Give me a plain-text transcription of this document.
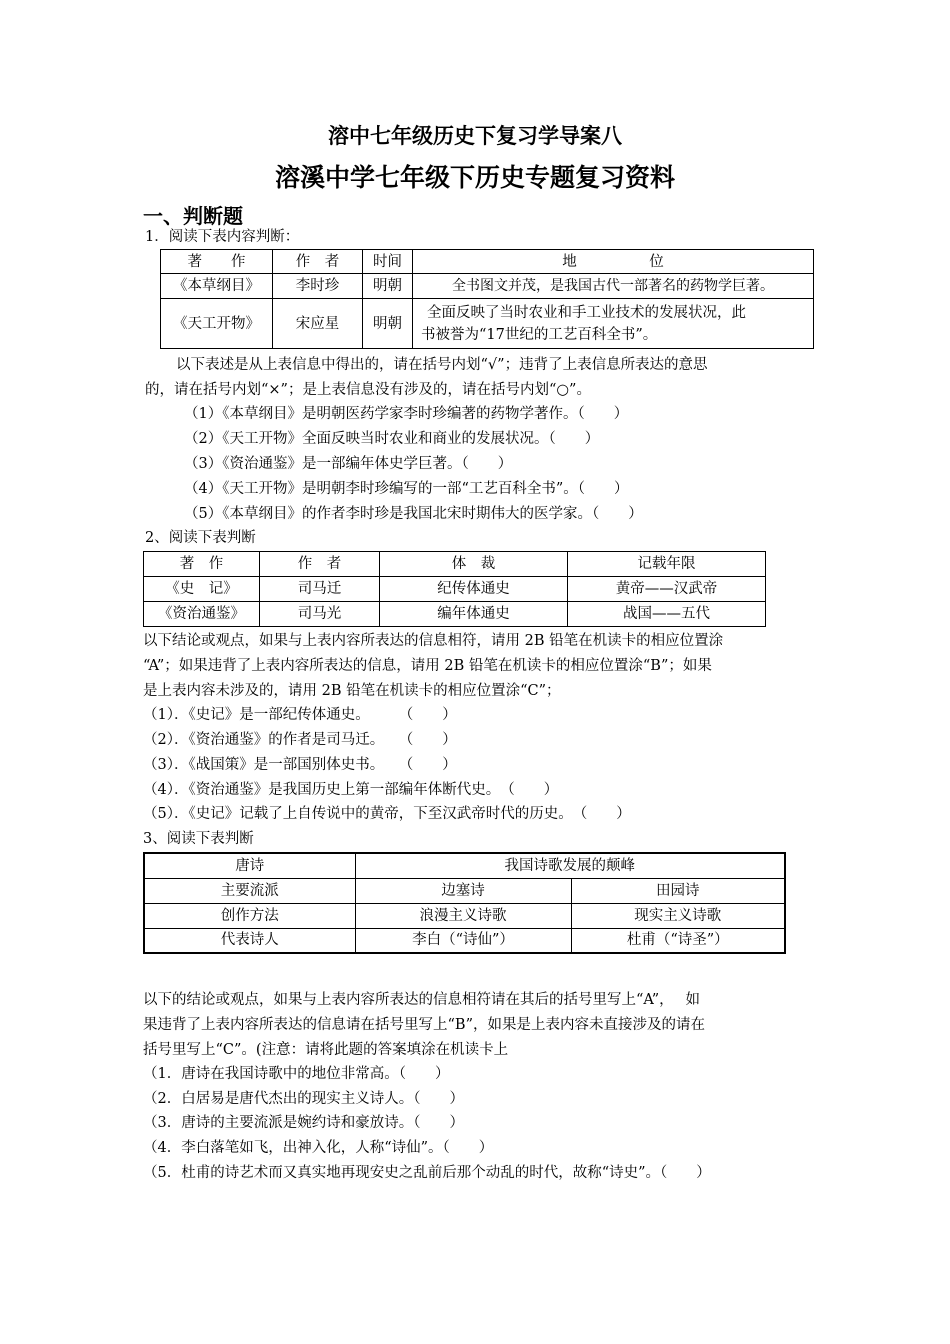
溶中七年级历史下复习学导案八
溶溪中学七年级下历史专题复习资料
一、判断题
1．阅读下表内容判断：
著　　作	作　者	时间	地　　　　　位
《本草纲目》	李时珍	明朝	全书图文并茂，是我国古代一部著名的药物学巨著。
《天工开物》	宋应星	明朝	全面反映了当时农业和手工业技术的发展状况，此
书被誉为“17世纪的工艺百科全书”。
以下表述是从上表信息中得出的，请在括号内划“√”；违背了上表信息所表达的意思
的，请在括号内划“×”；是上表信息没有涉及的，请在括号内划“○”。
（1）《本草纲目》是明朝医药学家李时珍编著的药物学著作。（　　）
（2）《天工开物》全面反映当时农业和商业的发展状况。（　　）
（3）《资治通鉴》是一部编年体史学巨著。（　　）
（4）《天工开物》是明朝李时珍编写的一部“工艺百科全书”。（　　）
（5）《本草纲目》的作者李时珍是我国北宋时期伟大的医学家。（　　）
2、阅读下表判断
著　作	作　者	体　裁	记载年限
《史　记》	司马迁	纪传体通史	黄帝——汉武帝
《资治通鉴》	司马光	编年体通史	战国——五代
以下结论或观点，如果与上表内容所表达的信息相符，请用 2B 铅笔在机读卡的相应位置涂
“A”；如果违背了上表内容所表达的信息，请用 2B 铅笔在机读卡的相应位置涂“B”；如果
是上表内容未涉及的，请用 2B 铅笔在机读卡的相应位置涂“C”；
（1）．《史记》是一部纪传体通史。　　　（　　）
（2）．《资治通鉴》的作者是司马迁。　　（　　）
（3）．《战国策》是一部国别体史书。　　（　　）
（4）．《资治通鉴》是我国历史上第一部编年体断代史。　（　　）
（5）．《史记》记载了上自传说中的黄帝，下至汉武帝时代的历史。　（　　）
3、阅读下表判断
唐诗	我国诗歌发展的颠峰	
主要流派	边塞诗	田园诗
创作方法	浪漫主义诗歌	现实主义诗歌
代表诗人	李白（“诗仙”）	杜甫（“诗圣”）
以下的结论或观点，如果与上表内容所表达的信息相符请在其后的括号里写上“A”，　 如
果违背了上表内容所表达的信息请在括号里写上“B”，如果是上表内容未直接涉及的请在
括号里写上“C”。(注意：请将此题的答案填涂在机读卡上
（1．唐诗在我国诗歌中的地位非常高。（　　）
（2．白居易是唐代杰出的现实主义诗人。（　　）
（3．唐诗的主要流派是婉约诗和豪放诗。（　　）
（4．李白落笔如飞，出神入化，人称“诗仙”。（　　）
（5．杜甫的诗艺术而又真实地再现安史之乱前后那个动乱的时代，故称“诗史”。（　　）
